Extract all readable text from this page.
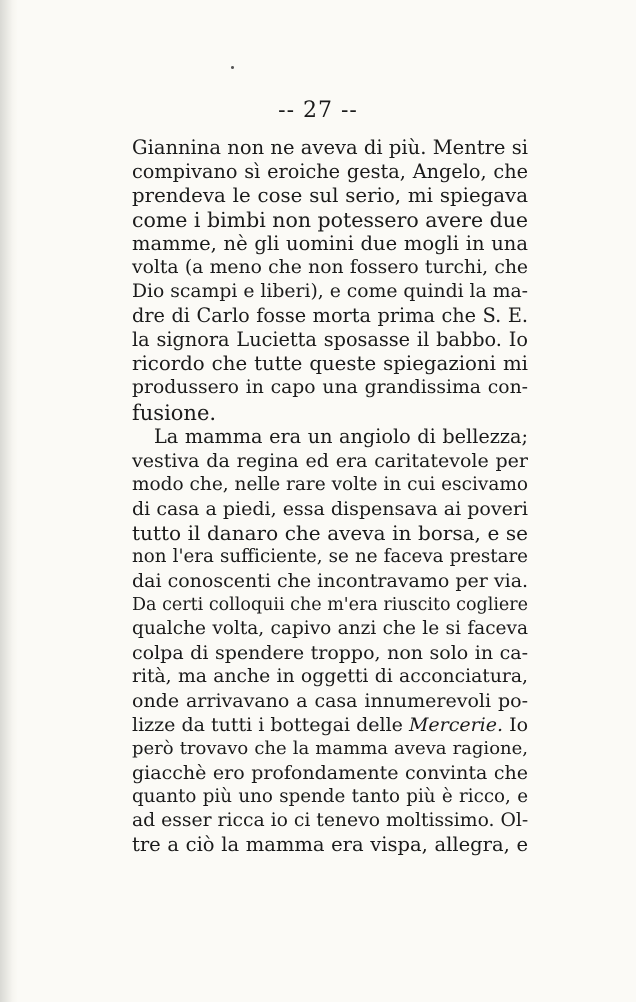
-- 27 --
Giannina non ne aveva di più. Mentre si
compivano sì eroiche gesta, Angelo, che
prendeva le cose sul serio, mi spiegava
come i bimbi non potessero avere due
mamme, nè gli uomini due mogli in una
volta (a meno che non fossero turchi, che
Dio scampi e liberi), e come quindi la ma-
dre di Carlo fosse morta prima che S. E.
la signora Lucietta sposasse il babbo. Io
ricordo che tutte queste spiegazioni mi
produssero in capo una grandissima con-
fusione.
La mamma era un angiolo di bellezza;
vestiva da regina ed era caritatevole per
modo che, nelle rare volte in cui escivamo
di casa a piedi, essa dispensava ai poveri
tutto il danaro che aveva in borsa, e se
non l'era sufficiente, se ne faceva prestare
dai conoscenti che incontravamo per via.
Da certi colloquii che m'era riuscito cogliere
qualche volta, capivo anzi che le si faceva
colpa di spendere troppo, non solo in ca-
rità, ma anche in oggetti di acconciatura,
onde arrivavano a casa innumerevoli po-
lizze da tutti i bottegai delle Mercerie. Io
però trovavo che la mamma aveva ragione,
giacchè ero profondamente convinta che
quanto più uno spende tanto più è ricco, e
ad esser ricca io ci tenevo moltissimo. Ol-
tre a ciò la mamma era vispa, allegra, e
